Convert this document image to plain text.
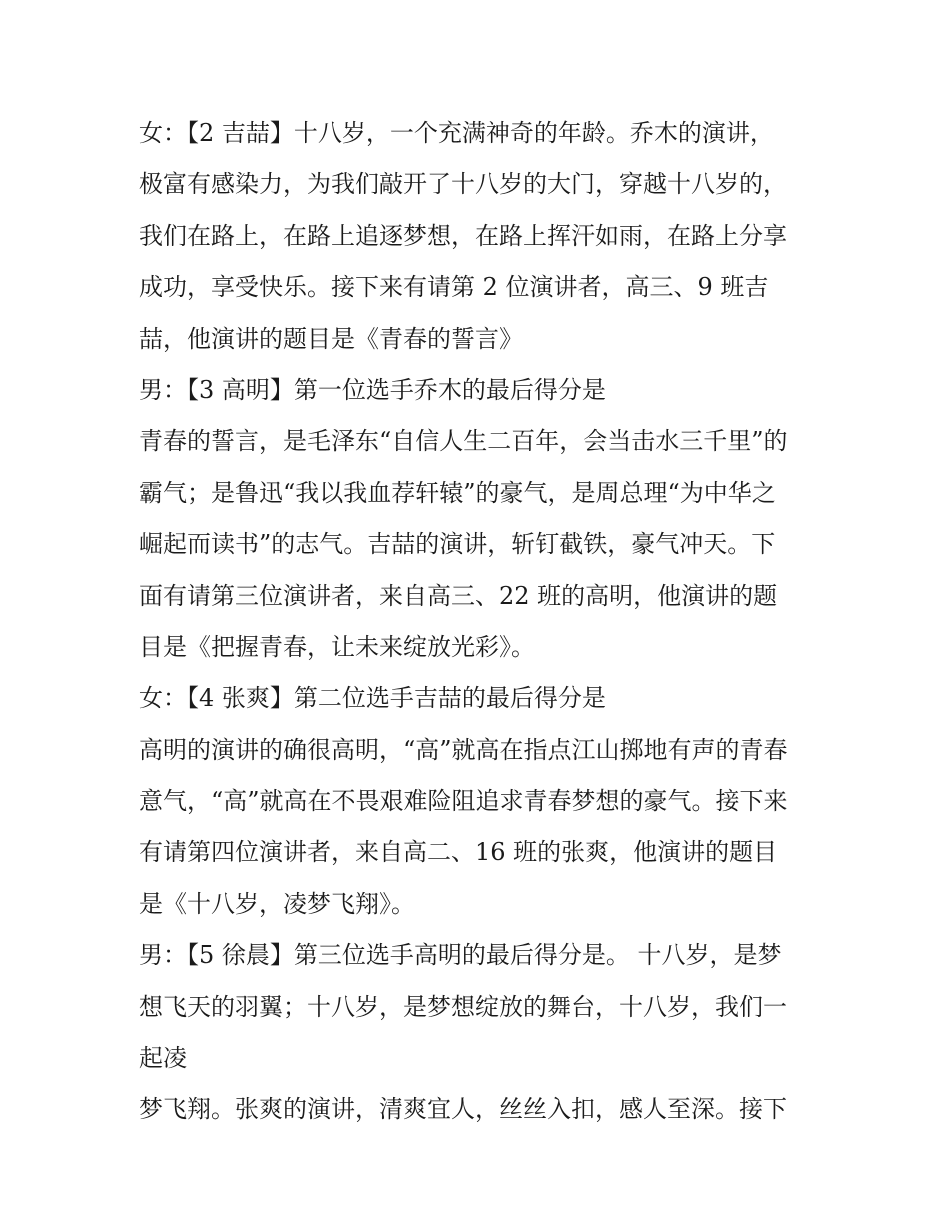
女：【2 吉喆】十八岁，一个充满神奇的年龄。乔木的演讲，

极富有感染力，为我们敲开了十八岁的大门，穿越十八岁的，

我们在路上，在路上追逐梦想，在路上挥汗如雨，在路上分享

成功，享受快乐。接下来有请第 2 位演讲者，高三、9 班吉

喆，他演讲的题目是《青春的誓言》

男：【3 高明】第一位选手乔木的最后得分是

青春的誓言，是毛泽东“自信人生二百年，会当击水三千里”的

霸气；是鲁迅“我以我血荐轩辕”的豪气，是周总理“为中华之

崛起而读书”的志气。吉喆的演讲，斩钉截铁，豪气冲天。下

面有请第三位演讲者，来自高三、22 班的高明，他演讲的题

目是《把握青春，让未来绽放光彩》。

女：【4 张爽】第二位选手吉喆的最后得分是

高明的演讲的确很高明，“高”就高在指点江山掷地有声的青春

意气，“高”就高在不畏艰难险阻追求青春梦想的豪气。接下来

有请第四位演讲者，来自高二、16 班的张爽，他演讲的题目

是《十八岁，凌梦飞翔》。

男：【5 徐晨】第三位选手高明的最后得分是。 十八岁，是梦

想飞天的羽翼；十八岁，是梦想绽放的舞台，十八岁，我们一

起凌

梦飞翔。张爽的演讲，清爽宜人，丝丝入扣，感人至深。接下
